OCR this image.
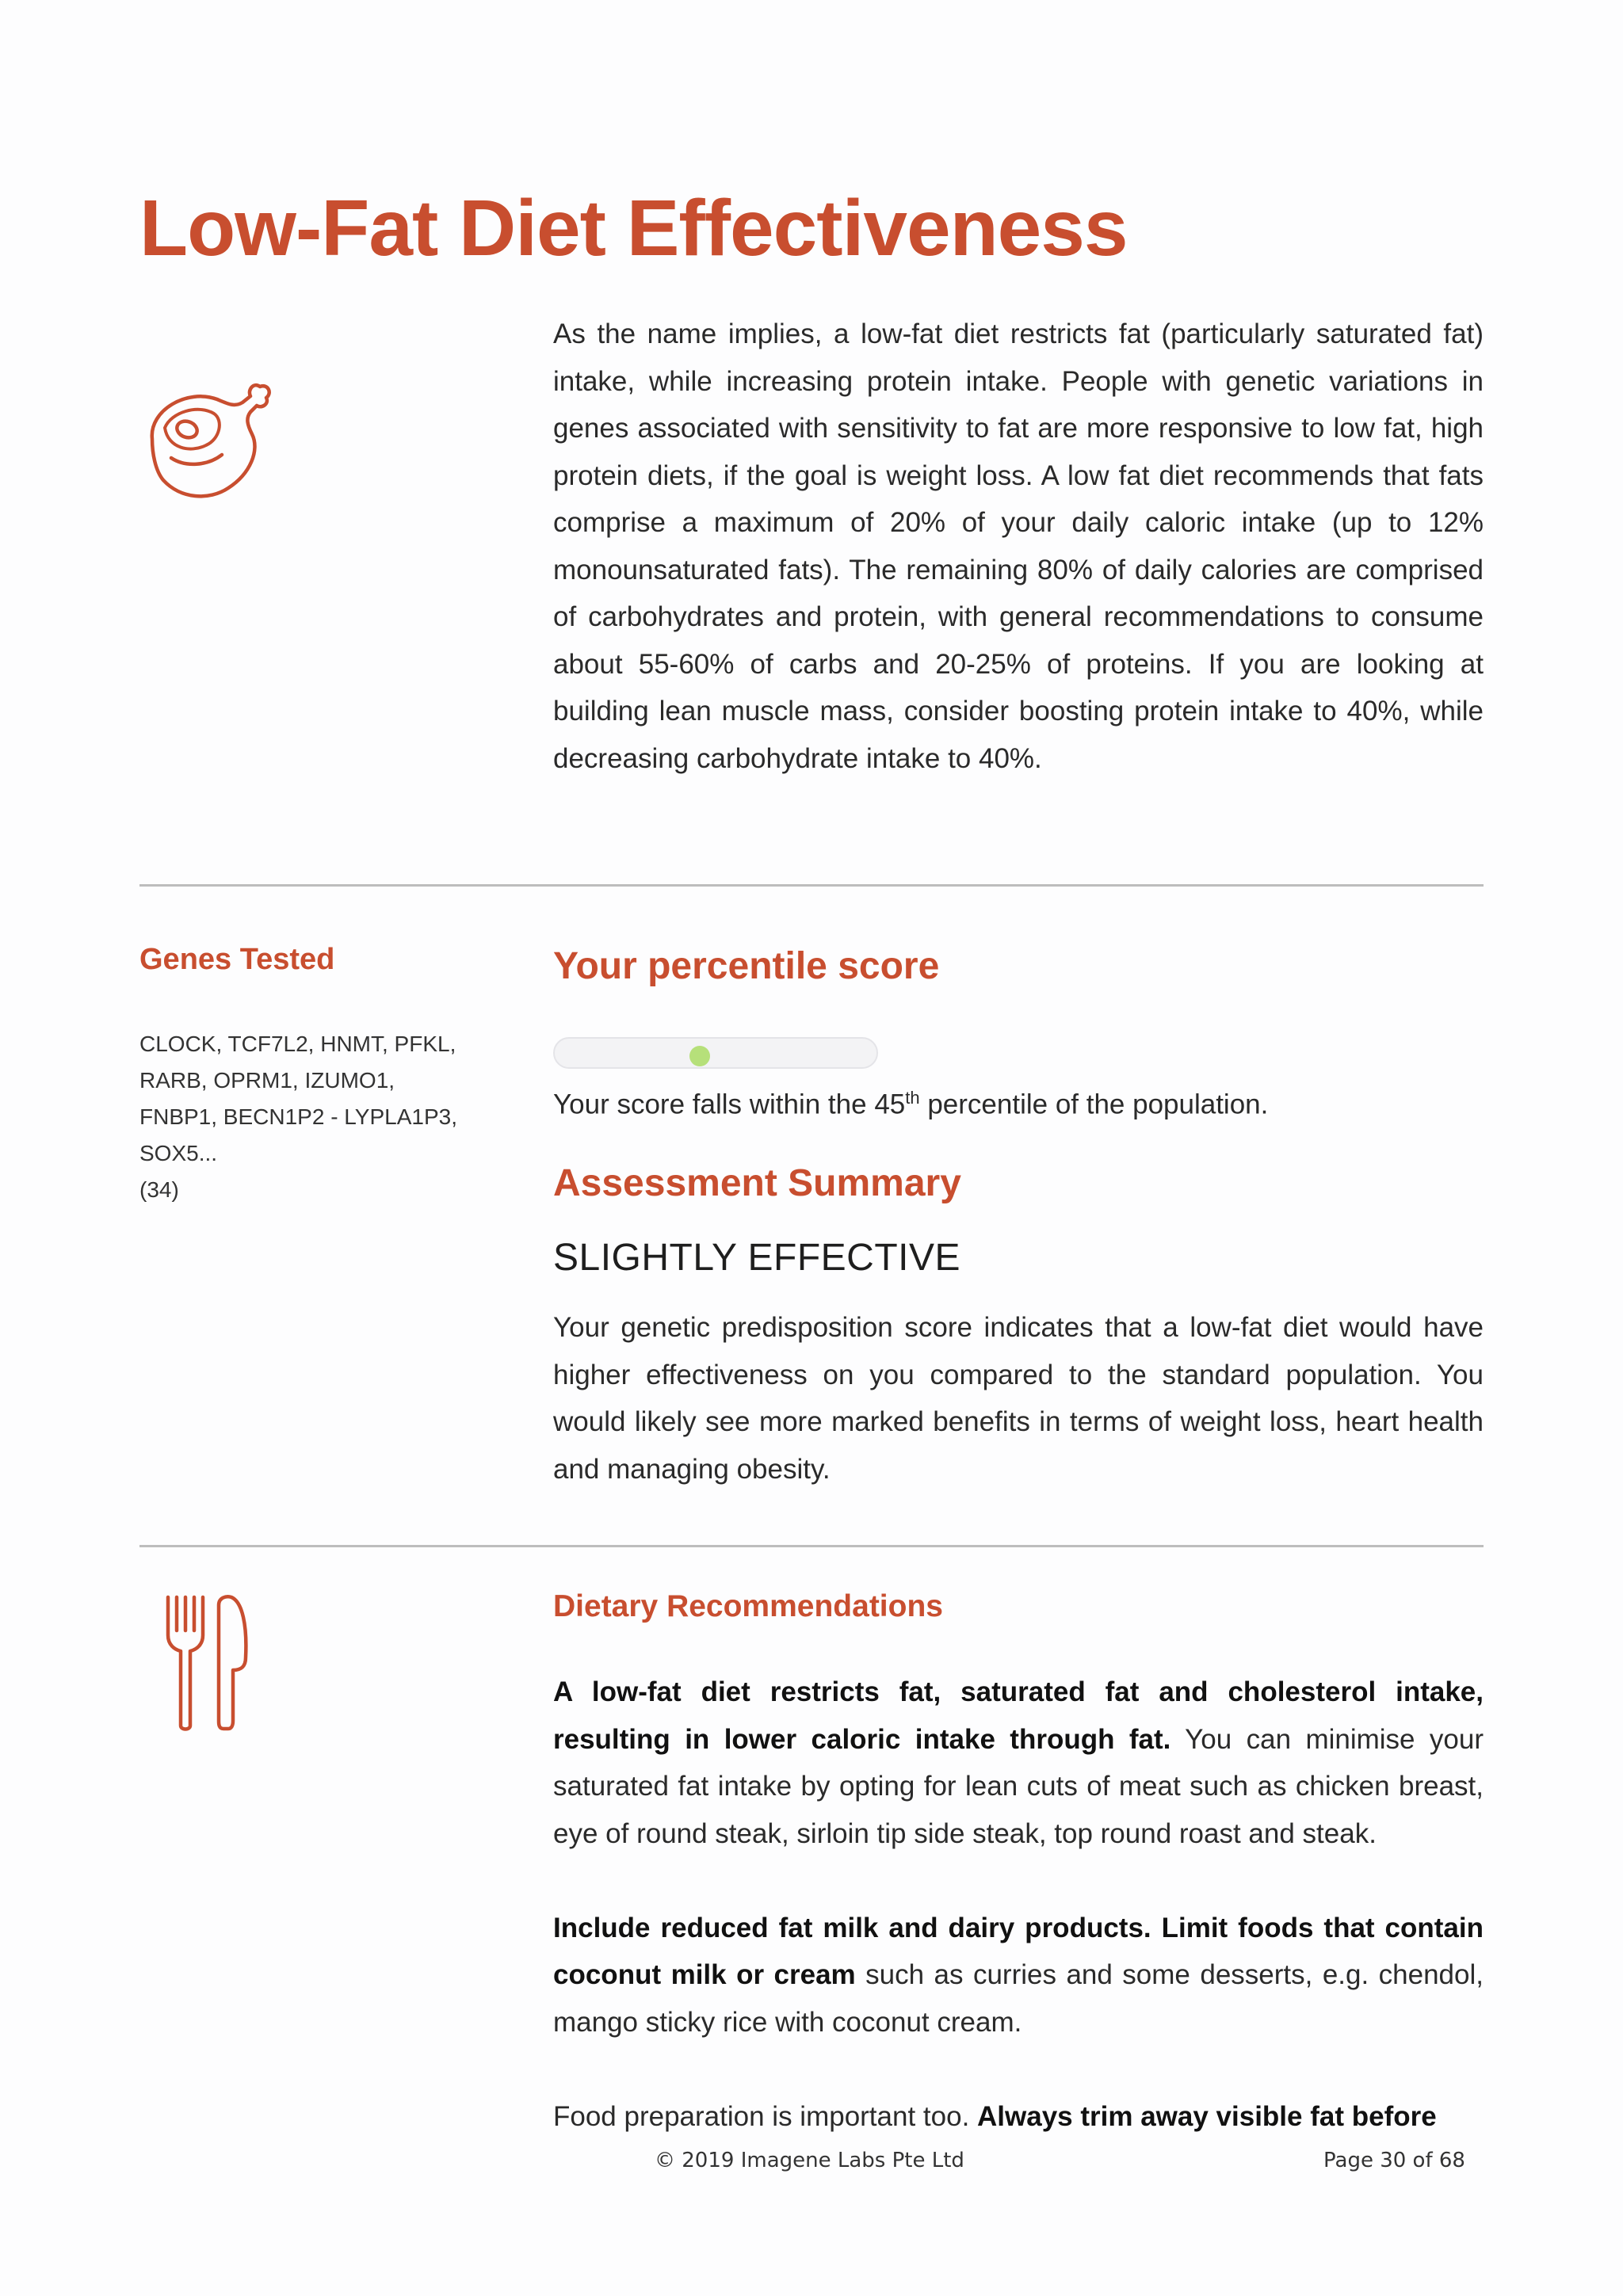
Low-Fat Diet Effectiveness
As the name implies, a low-fat diet restricts fat (particularly saturated fat) intake, while increasing protein intake. People with genetic variations in genes associated with sensitivity to fat are more responsive to low fat, high protein diets, if the goal is weight loss. A low fat diet recommends that fats comprise a maximum of 20% of your daily caloric intake (up to 12% monounsaturated fats). The remaining 80% of daily calories are comprised of carbohydrates and protein, with general recommendations to consume about 55-60% of carbs and 20-25% of proteins. If you are looking at building lean muscle mass, consider boosting protein intake to 40%, while decreasing carbohydrate intake to 40%.
Genes Tested
CLOCK, TCF7L2, HNMT, PFKL, RARB, OPRM1, IZUMO1, FNBP1, BECN1P2 - LYPLA1P3, SOX5...
(34)
Your percentile score
Your score falls within the 45th percentile of the population.
Assessment Summary
SLIGHTLY EFFECTIVE
Your genetic predisposition score indicates that a low-fat diet would have higher effectiveness on you compared to the standard population. You would likely see more marked benefits in terms of weight loss, heart health and managing obesity.
Dietary Recommendations

A low-fat diet restricts fat, saturated fat and cholesterol intake, resulting in lower caloric intake through fat. You can minimise your saturated fat intake by opting for lean cuts of meat such as chicken breast, eye of round steak, sirloin tip side steak, top round roast and steak.

Include reduced fat milk and dairy products. Limit foods that contain coconut milk or cream such as curries and some desserts, e.g. chendol, mango sticky rice with coconut cream.

Food preparation is important too. Always trim away visible fat before

© 2019 Imagene Labs Pte Ltd	Page 30 of 68
